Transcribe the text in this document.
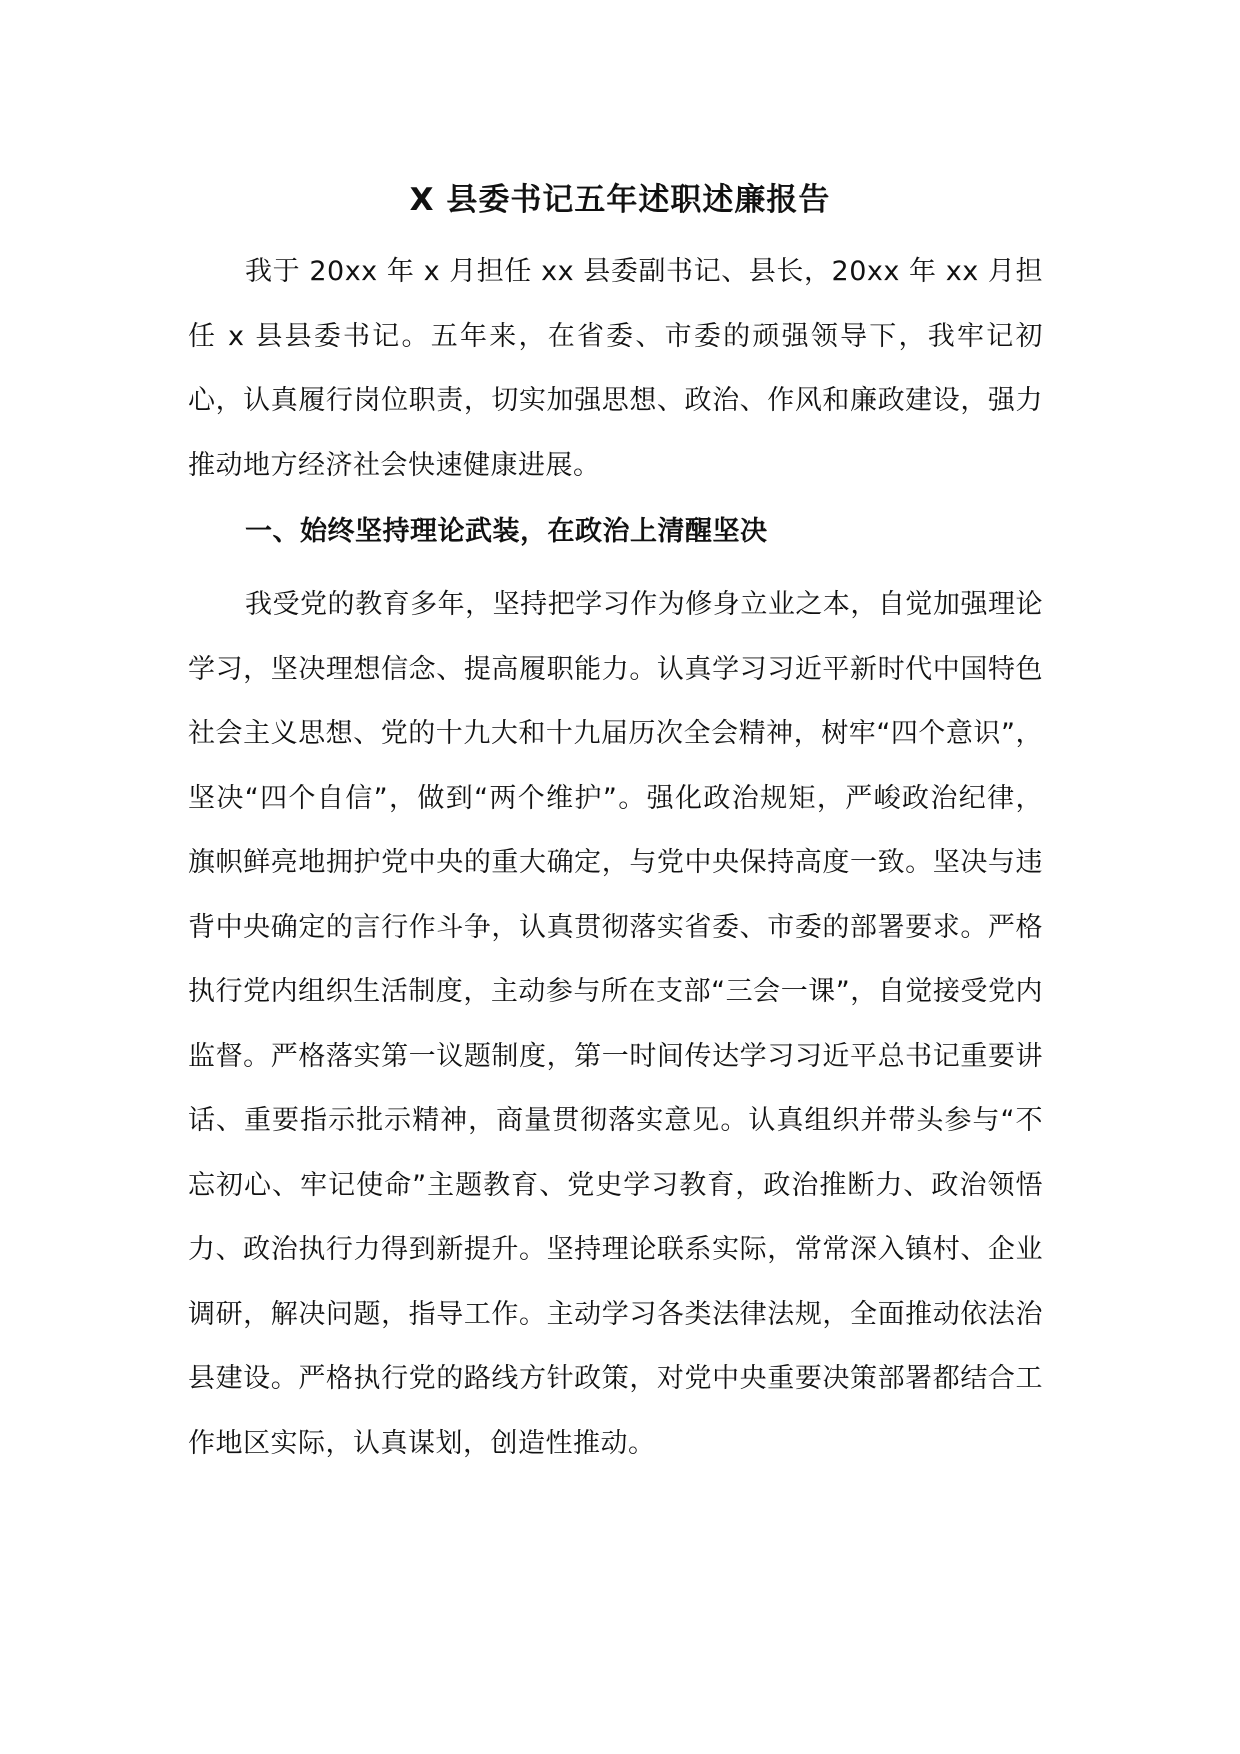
X 县委书记五年述职述廉报告

我于 20xx 年 x 月担任 xx 县委副书记、县长，20xx 年 xx 月担任 x 县县委书记。五年来，在省委、市委的顽强领导下，我牢记初心，认真履行岗位职责，切实加强思想、政治、作风和廉政建设，强力推动地方经济社会快速健康进展。

一、始终坚持理论武装，在政治上清醒坚决

我受党的教育多年，坚持把学习作为修身立业之本，自觉加强理论学习，坚决理想信念、提高履职能力。认真学习习近平新时代中国特色社会主义思想、党的十九大和十九届历次全会精神，树牢“四个意识”，坚决“四个自信”，做到“两个维护”。强化政治规矩，严峻政治纪律，旗帜鲜亮地拥护党中央的重大确定，与党中央保持高度一致。坚决与违背中央确定的言行作斗争，认真贯彻落实省委、市委的部署要求。严格执行党内组织生活制度，主动参与所在支部“三会一课”，自觉接受党内监督。严格落实第一议题制度，第一时间传达学习习近平总书记重要讲话、重要指示批示精神，商量贯彻落实意见。认真组织并带头参与“不忘初心、牢记使命”主题教育、党史学习教育，政治推断力、政治领悟力、政治执行力得到新提升。坚持理论联系实际，常常深入镇村、企业调研，解决问题，指导工作。主动学习各类法律法规，全面推动依法治县建设。严格执行党的路线方针政策，对党中央重要决策部署都结合工作地区实际，认真谋划，创造性推动。
